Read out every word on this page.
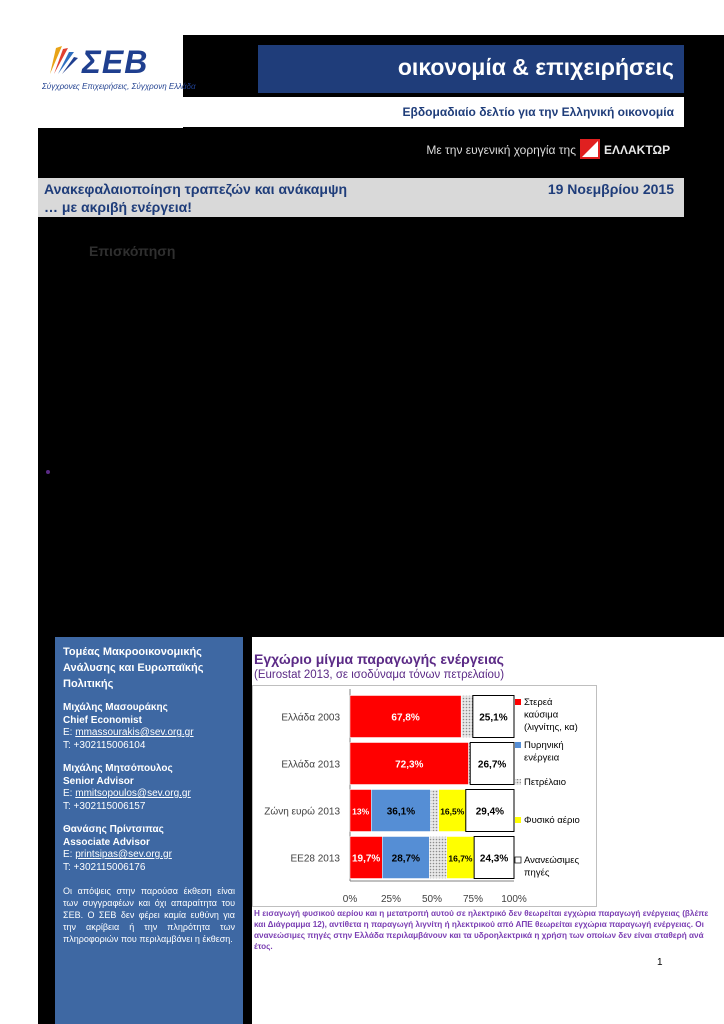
ΣΕΒ
Σύγχρονες Επιχειρήσεις, Σύγχρονη Ελλάδα
οικονομία & επιχειρήσεις
Εβδομαδιαίο δελτίο για την Ελληνική οικονομία
Με την ευγενική χορηγία της ΕΛΛΑΚΤΩΡ
Ανακεφαλαιοποίηση τραπεζών και ανάκαμψη
… με ακριβή ενέργεια!
19 Νοεμβρίου 2015
Επισκόπηση
Τομέας Μακροοικονομικής Ανάλυσης και Ευρωπαϊκής Πολιτικής
Μιχάλης Μασουράκης
Chief Economist
E: mmassourakis@sev.org.gr
T: +302115006104
Μιχάλης Μητσόπουλος
Senior Advisor
E: mmitsopoulos@sev.org.gr
T: +302115006157
Θανάσης Πρίντσιπας
Associate Advisor
E: printsipas@sev.org.gr
T: +302115006176
Οι απόψεις στην παρούσα έκθεση είναι των συγγραφέων και όχι απαραίτητα του ΣΕΒ. Ο ΣΕΒ δεν φέρει καμία ευθύνη για την ακρίβεια ή την πληρότητα των πληροφοριών που περιλαμβάνει η έκθεση.
Εγχώριο μίγμα παραγωγής ενέργειας
(Eurostat 2013, σε ισοδύναμα τόνων πετρελαίου)
0% 25% 50% 75% 100%
Ελλάδα 2003	67,8%	25,1%
Ελλάδα 2013	72,3%	26,7%
Ζώνη ευρώ 2013 13% 36,1%	16,5% 29,4%
ΕΕ28 2013 19,7% 28,7%	16,7% 24,3%
Στερεά
καύσιμα
(λιγνίτης, κα)
Πυρηνική
ενέργεια
Πετρέλαιο
Φυσικό αέριο
Ανανεώσιμες
πηγές
Η εισαγωγή φυσικού αερίου και η μετατροπή αυτού σε ηλεκτρικό δεν θεωρείται εγχώρια παραγωγή ενέργειας (βλέπε και Διάγραμμα 12), αντίθετα η παραγωγή λιγνίτη ή ηλεκτρικού από ΑΠΕ θεωρείται εγχώρια παραγωγή ενέργειας. Οι ανανεώσιμες πηγές στην Ελλάδα περιλαμβάνουν και τα υδροηλεκτρικά η χρήση των οποίων δεν είναι σταθερή ανά έτος.
1
